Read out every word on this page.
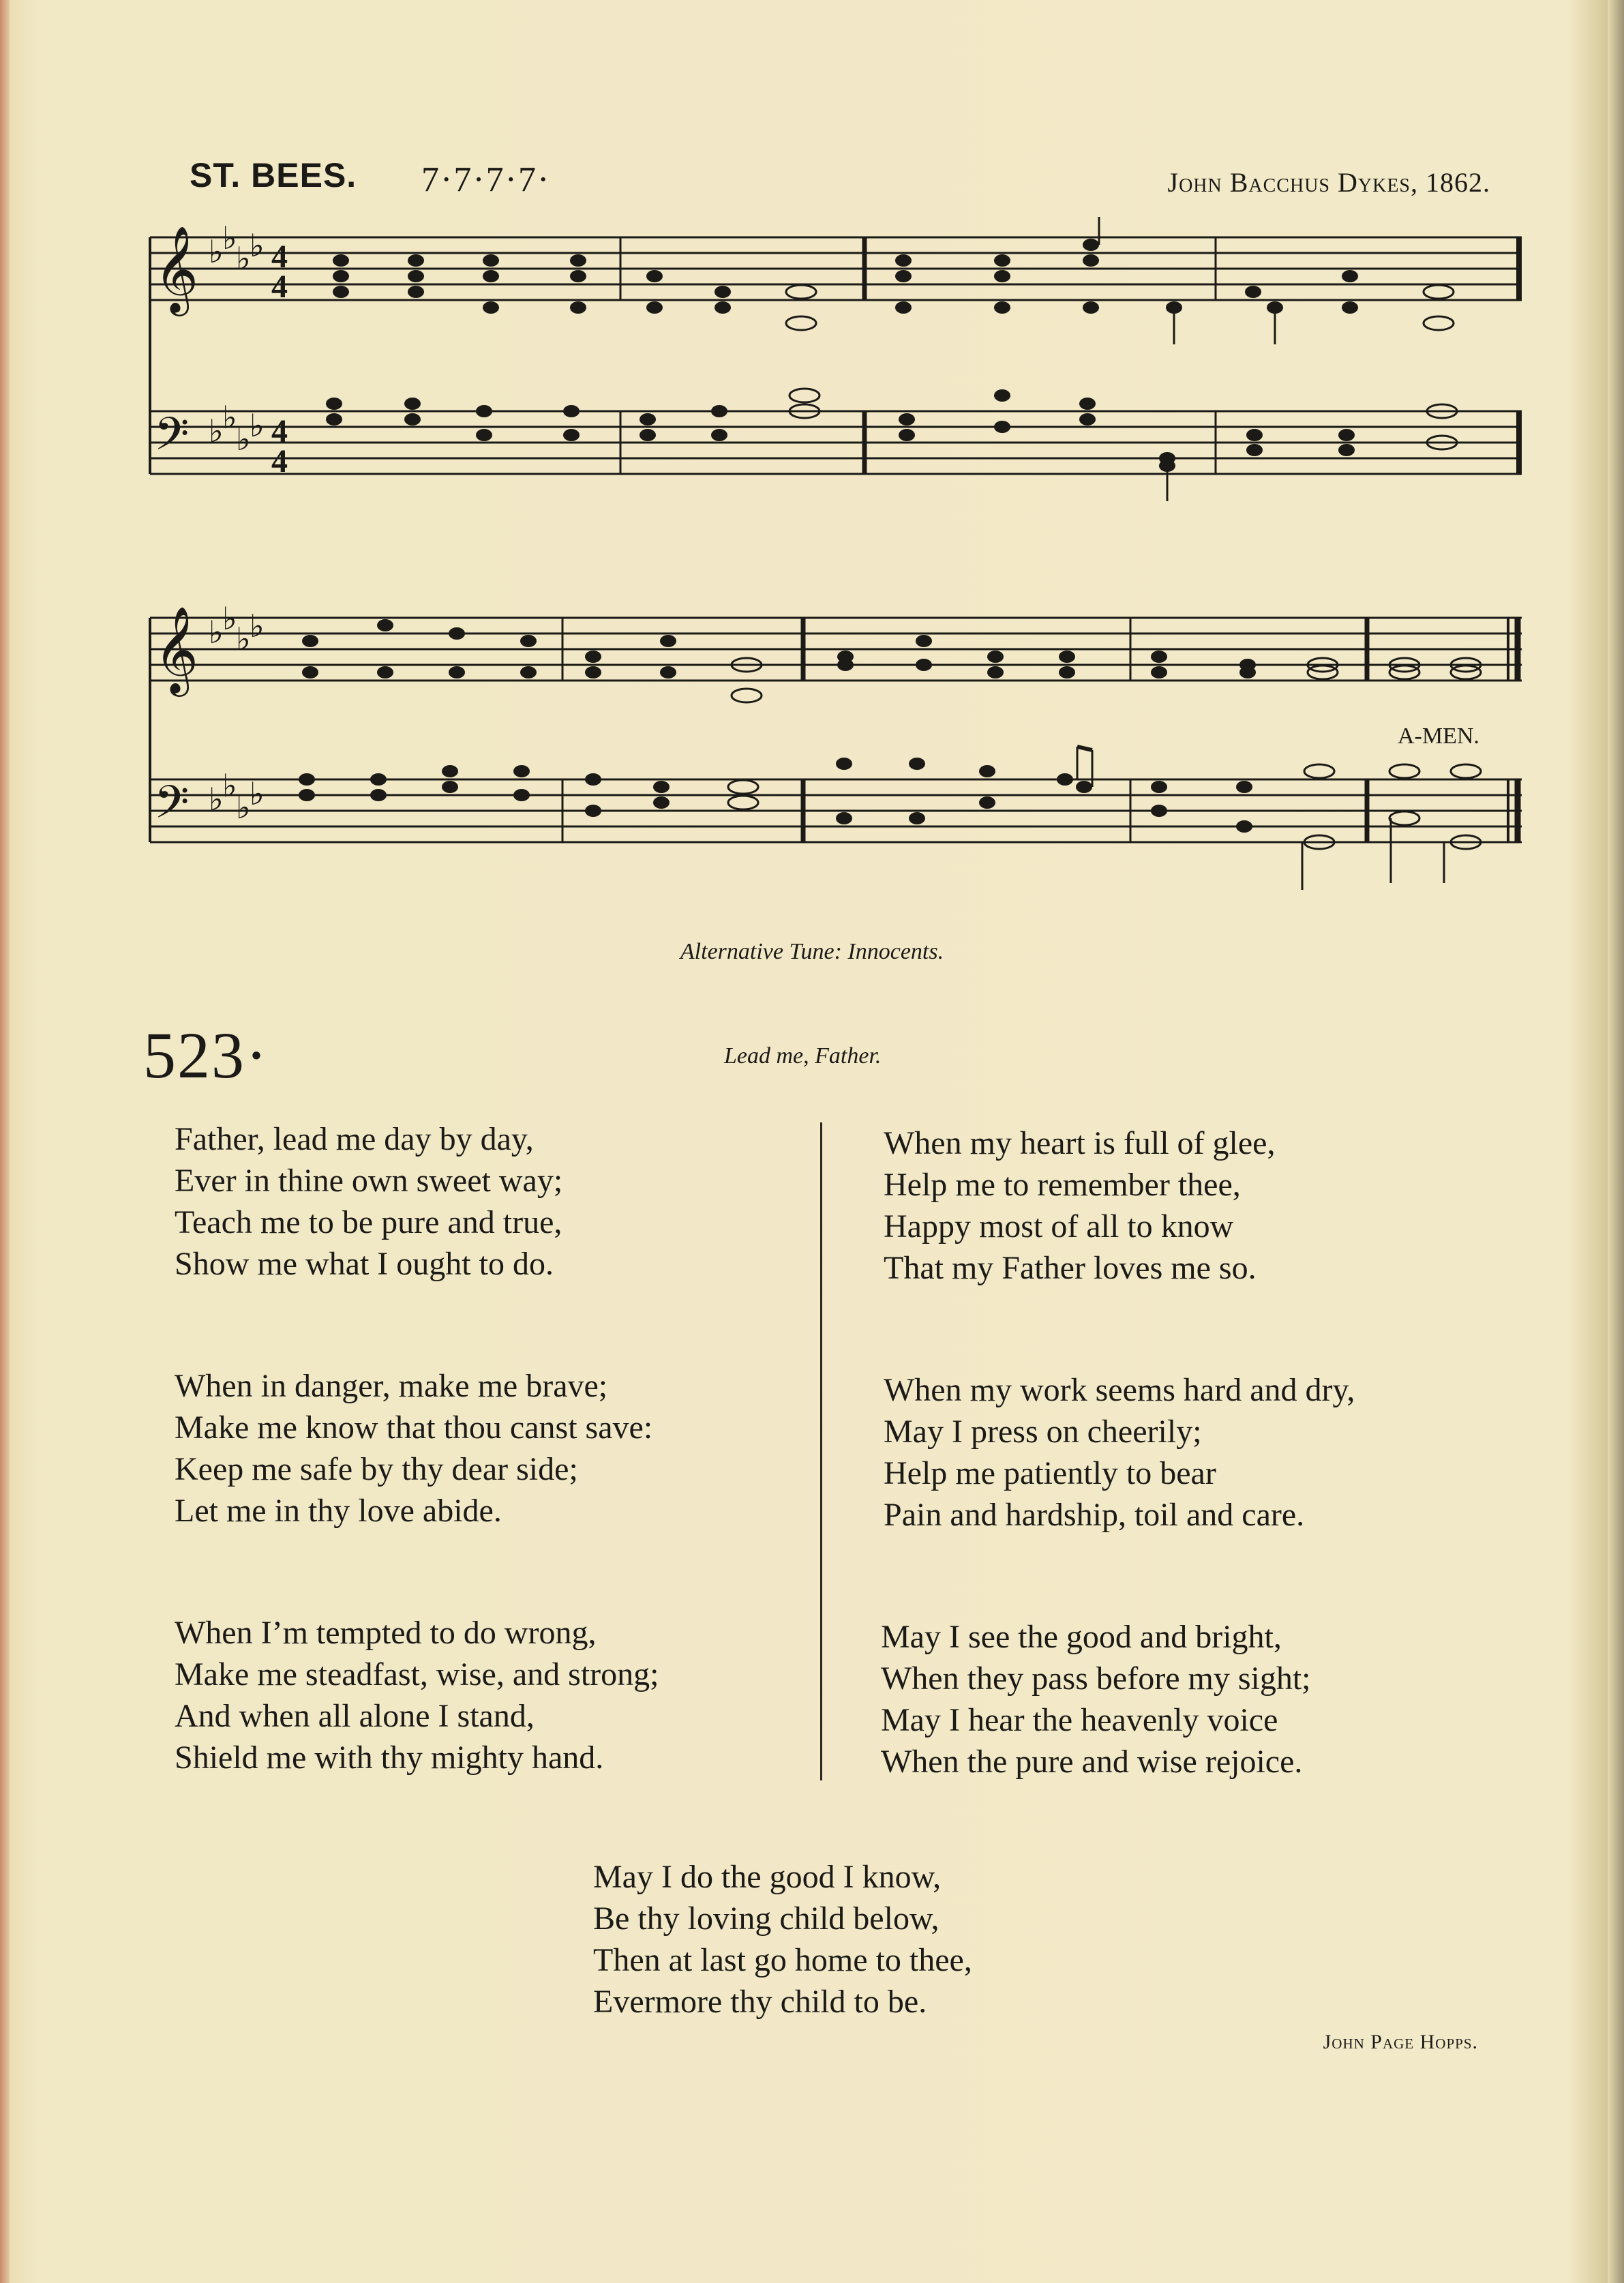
ST. BEES. 7·7·7·7·	John Bacchus Dykes, 1862.
𝄞
𝄢
♭
♭
♭
♭
♭
♭
♭
♭
4
4
4
4
𝄞
𝄢
♭
♭
♭
♭
♭
♭
♭
♭
A-MEN.
Alternative Tune: Innocents.
523·	Lead me, Father.
Father, lead me day by day,
Ever in thine own sweet way;
Teach me to be pure and true,
Show me what I ought to do.
When in danger, make me brave;
Make me know that thou canst save:
Keep me safe by thy dear side;
Let me in thy love abide.
When I’m tempted to do wrong,
Make me steadfast, wise, and strong;
And when all alone I stand,
Shield me with thy mighty hand.
When my heart is full of glee,
Help me to remember thee,
Happy most of all to know
That my Father loves me so.
When my work seems hard and dry,
May I press on cheerily;
Help me patiently to bear
Pain and hardship, toil and care.
May I see the good and bright,
When they pass before my sight;
May I hear the heavenly voice
When the pure and wise rejoice.
May I do the good I know,
Be thy loving child below,
Then at last go home to thee,
Evermore thy child to be.
John Page Hopps.
